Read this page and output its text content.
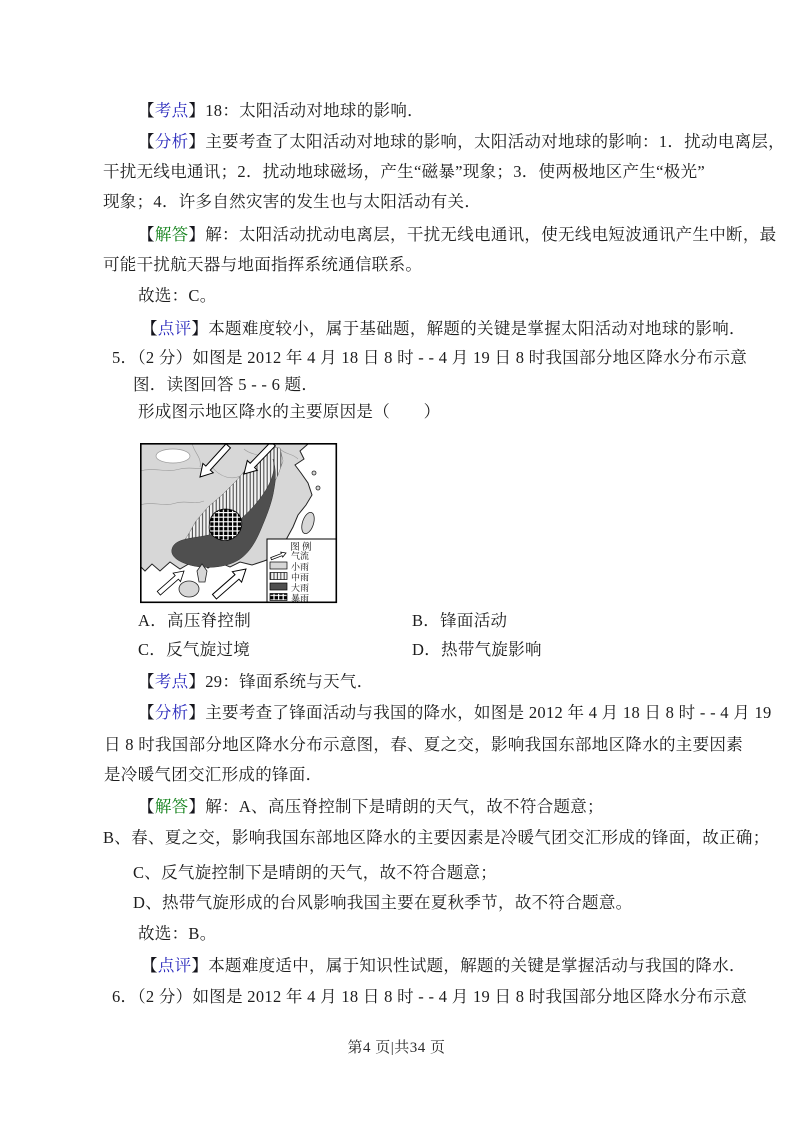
【考点】18：太阳活动对地球的影响．
【分析】主要考查了太阳活动对地球的影响，太阳活动对地球的影响：1．扰动电离层，
干扰无线电通讯；2．扰动地球磁场，产生“磁暴”现象；3．使两极地区产生“极光”
现象；4．许多自然灾害的发生也与太阳活动有关．
【解答】解：太阳活动扰动电离层，干扰无线电通讯，使无线电短波通讯产生中断，最
可能干扰航天器与地面指挥系统通信联系。
故选：C。
【点评】本题难度较小，属于基础题，解题的关键是掌握太阳活动对地球的影响．
5．（2 分）如图是 2012 年 4 月 18 日 8 时 - - 4 月 19 日 8 时我国部分地区降水分布示意
图．读图回答 5 - - 6 题．
形成图示地区降水的主要原因是（　　）
图 例
气流
小雨
中雨
大雨
暴雨
A．高压脊控制	B．锋面活动
C．反气旋过境	D．热带气旋影响
【考点】29：锋面系统与天气．
【分析】主要考查了锋面活动与我国的降水，如图是 2012 年 4 月 18 日 8 时 - - 4 月 19
日 8 时我国部分地区降水分布示意图，春、夏之交，影响我国东部地区降水的主要因素
是冷暖气团交汇形成的锋面．
【解答】解：A、高压脊控制下是晴朗的天气，故不符合题意；
B、春、夏之交，影响我国东部地区降水的主要因素是冷暖气团交汇形成的锋面，故正确；
C、反气旋控制下是晴朗的天气，故不符合题意；
D、热带气旋形成的台风影响我国主要在夏秋季节，故不符合题意。
故选：B。
【点评】本题难度适中，属于知识性试题，解题的关键是掌握活动与我国的降水．
6．（2 分）如图是 2012 年 4 月 18 日 8 时 - - 4 月 19 日 8 时我国部分地区降水分布示意
第4 页|共34 页
